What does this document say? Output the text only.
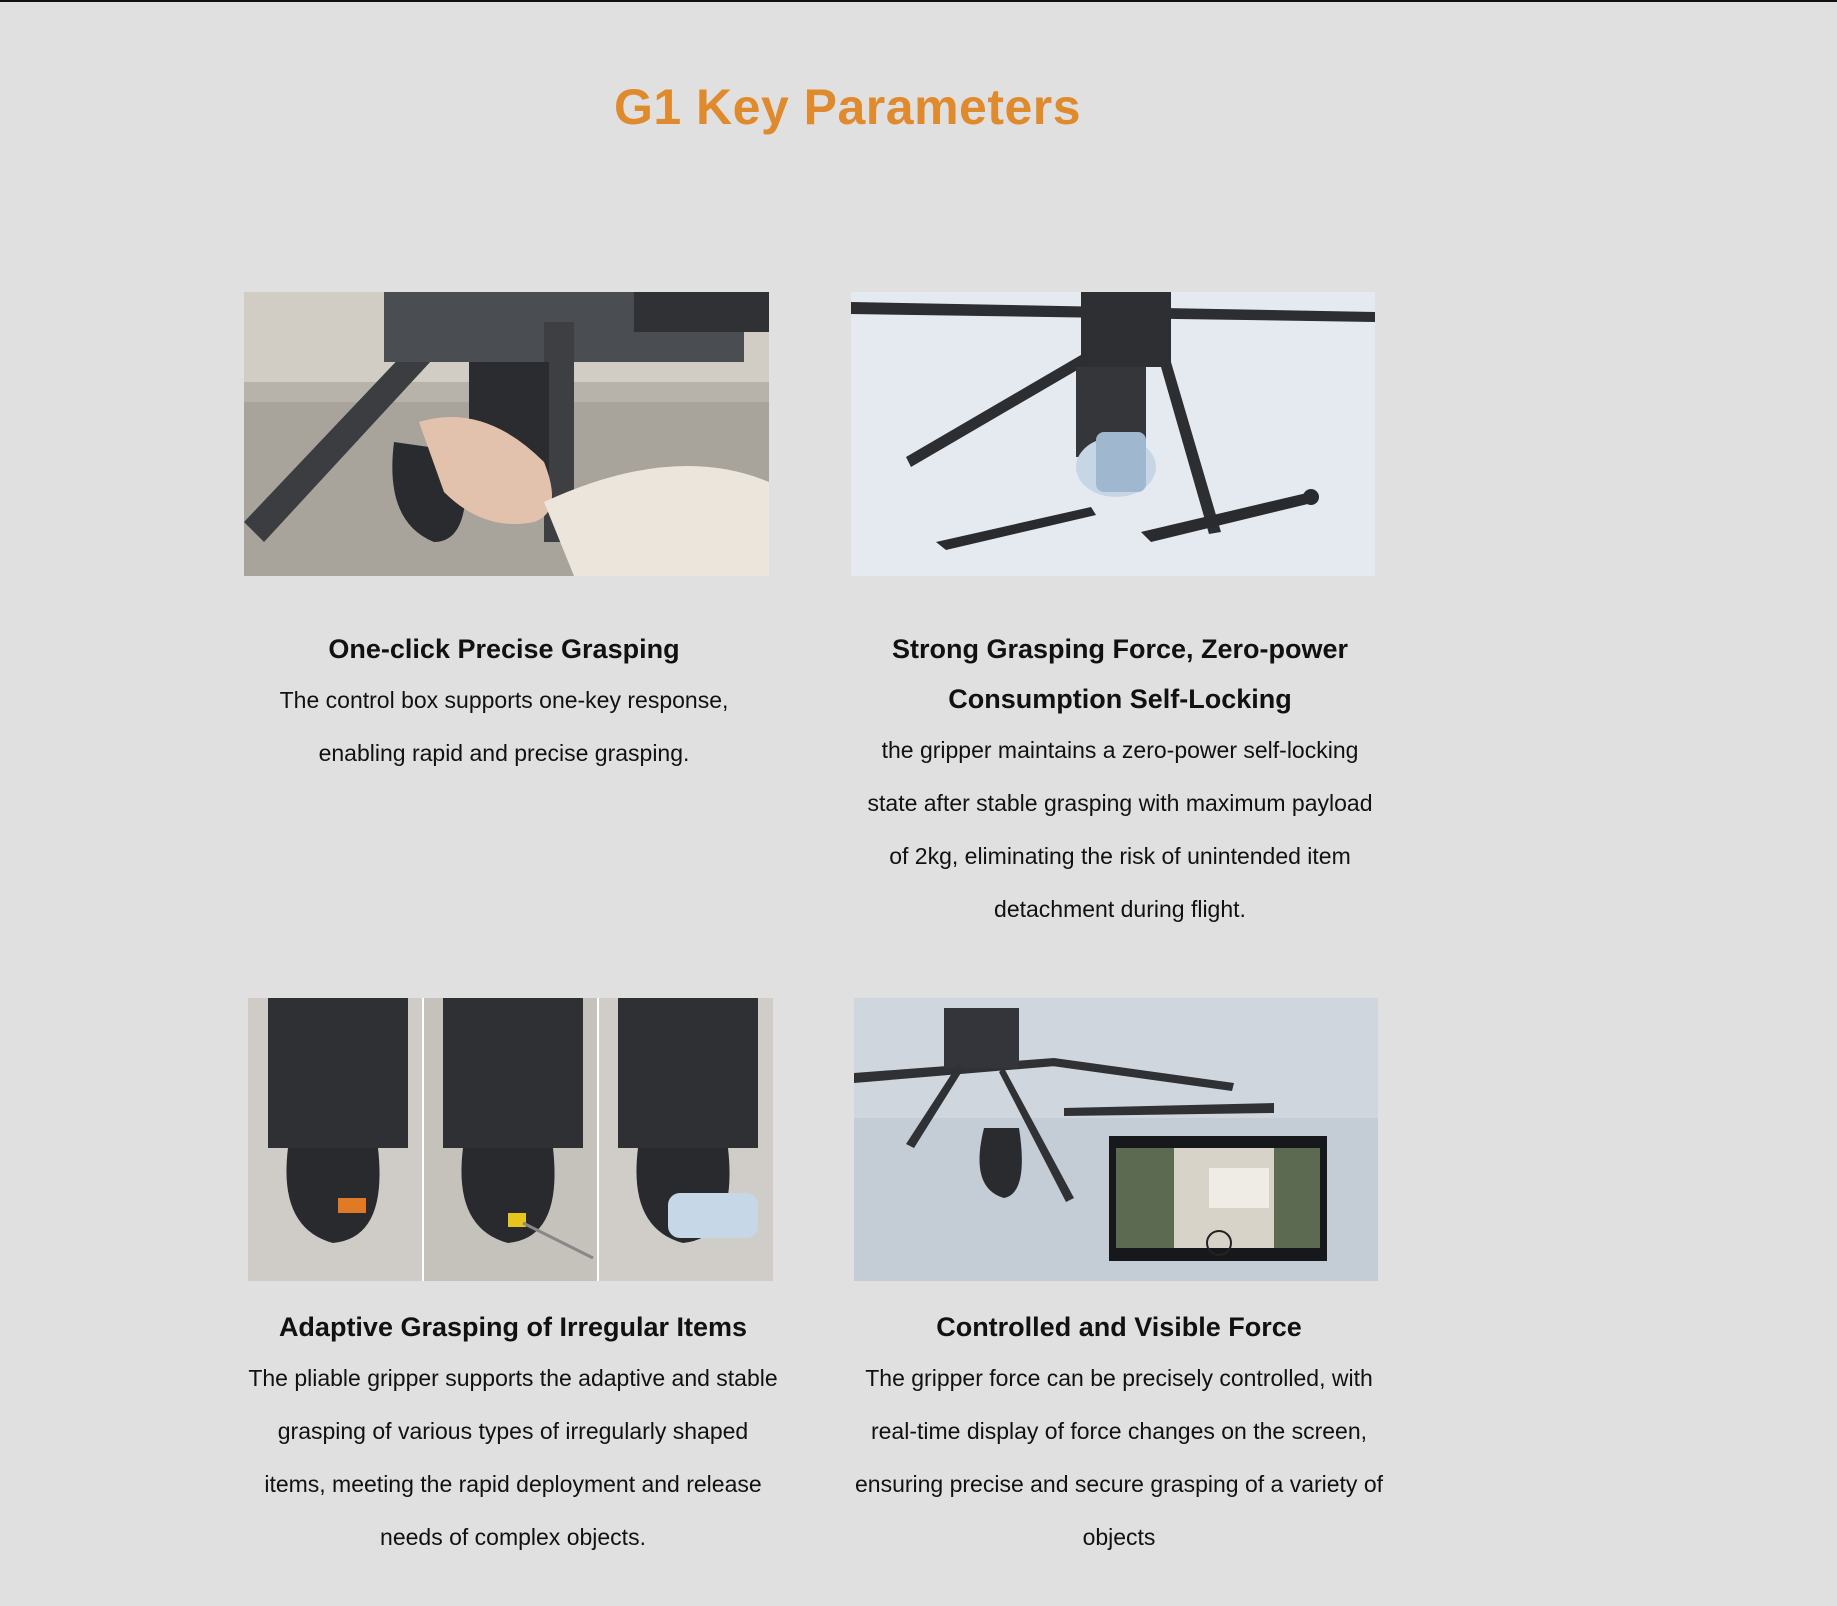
G1 Key Parameters
One-click Precise Grasping

The control box supports one-key response, enabling rapid and precise grasping.

Strong Grasping Force, Zero-power Consumption Self-Locking

the gripper maintains a zero-power self-locking state after stable grasping with maximum payload of 2kg, eliminating the risk of unintended item detachment during flight.

Adaptive Grasping of Irregular Items

The pliable gripper supports the adaptive and stable grasping of various types of irregularly shaped items, meeting the rapid deployment and release needs of complex objects.

Controlled and Visible Force

The gripper force can be precisely controlled, with real-time display of force changes on the screen, ensuring precise and secure grasping of a variety of objects
